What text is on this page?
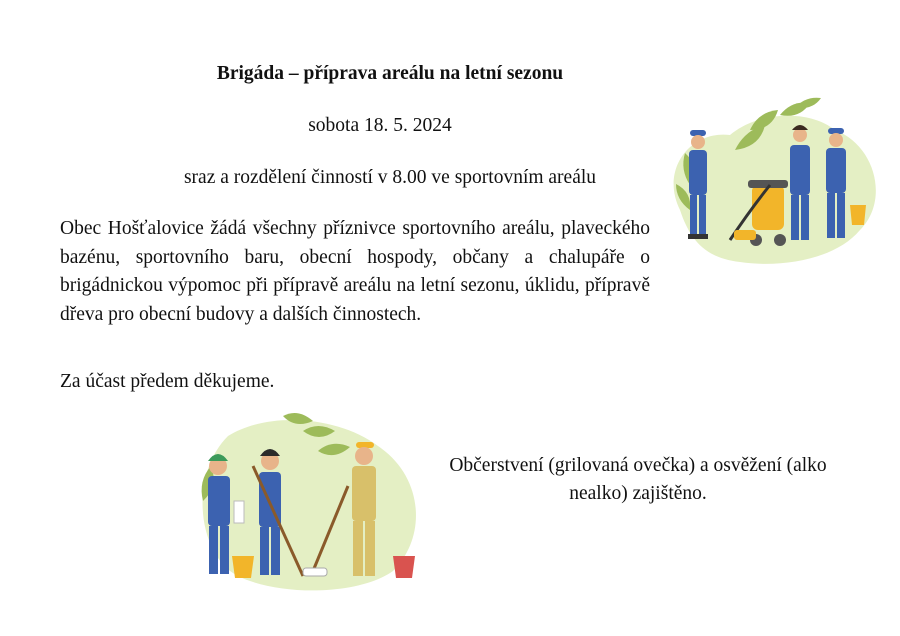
Brigáda – příprava areálu na letní sezonu
sobota 18. 5. 2024
sraz a rozdělení činností v 8.00 ve sportovním areálu
Obec Hošťalovice žádá všechny příznivce sportovního areálu, plaveckého bazénu, sportovního baru, obecní hospody, občany a chalupáře o brigádnickou výpomoc při přípravě areálu na letní sezonu, úklidu, přípravě dřeva pro obecní budovy a dalších činnostech.
Za účast předem děkujeme.
Občerstvení (grilovaná ovečka) a osvěžení (alko nealko) zajištěno.
